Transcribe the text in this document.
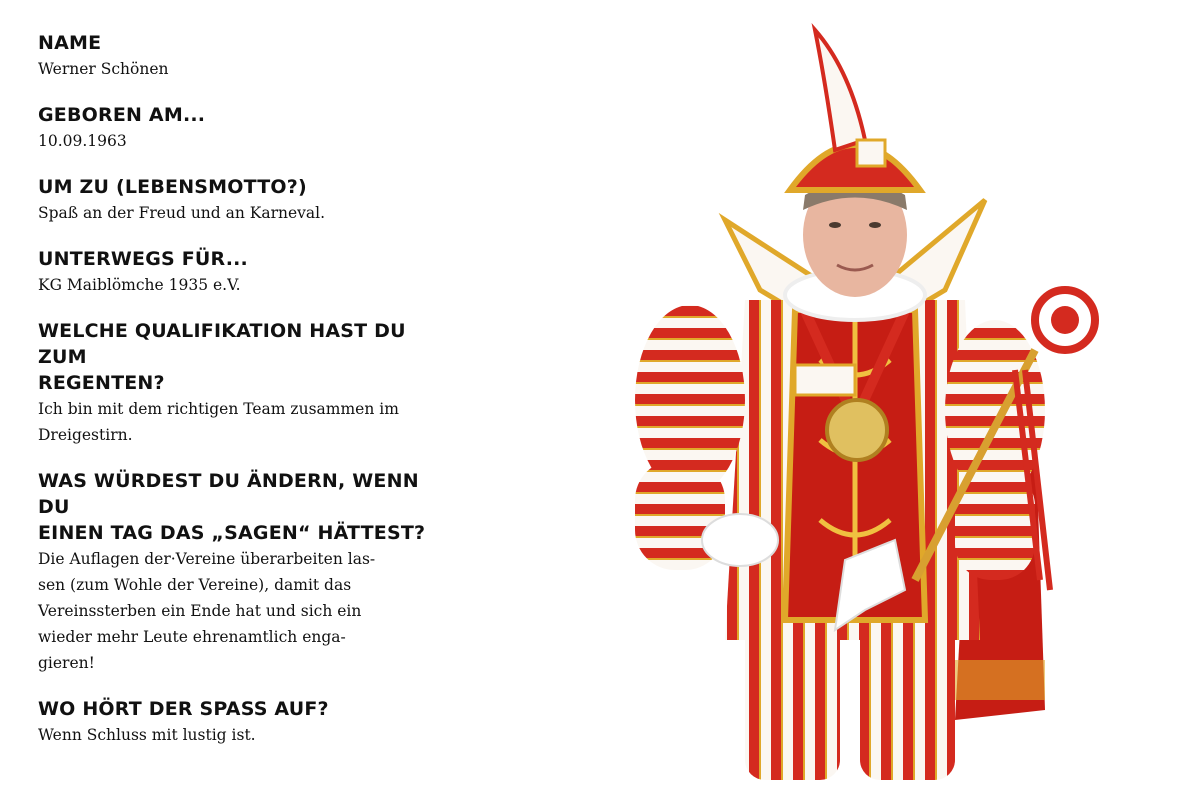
NAME

Werner Schönen

GEBOREN AM...

10.09.1963

UM ZU (LEBENSMOTTO?)

Spaß an der Freud und an Karneval.

UNTERWEGS FÜR...

KG Maiblömche 1935 e.V.

WELCHE QUALIFIKATION HAST DU ZUM

REGENTEN?

Ich bin mit dem richtigen Team zusammen im
Dreigestirn.

WAS WÜRDEST DU ÄNDERN, WENN DU

EINEN TAG DAS „SAGEN“ HÄTTEST?

Die Auflagen der·Vereine überarbeiten las-
sen (zum Wohle der Vereine), damit das
Vereinssterben ein Ende hat und sich ein
wieder mehr Leute ehrenamtlich enga-
gieren!

WO HÖRT DER SPASS AUF?

Wenn Schluss mit lustig ist.
